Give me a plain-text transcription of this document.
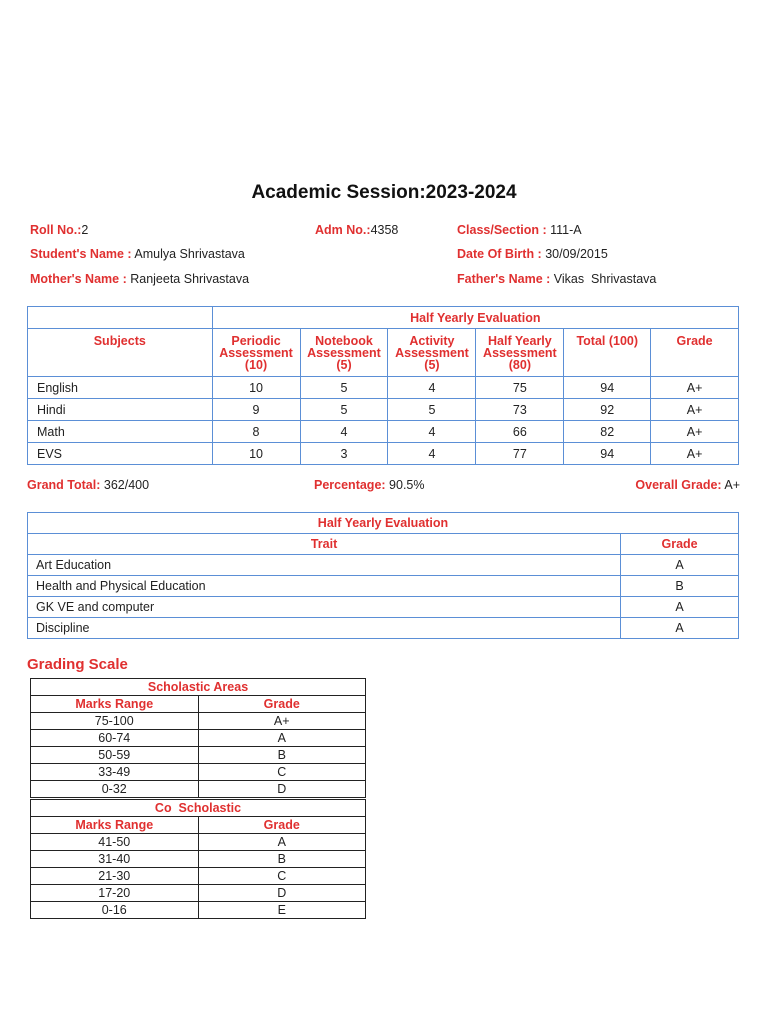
Academic Session:2023-2024
Roll No.:2	Adm No.:4358	Class/Section : 111-A
Student's Name : Amulya Shrivastava	Date Of Birth : 30/09/2015
Mother's Name : Ranjeeta Shrivastava	Father's Name : Vikas  Shrivastava
	Half Yearly Evaluation					
Subjects	Periodic Assessment (10)	Notebook Assessment (5)	Activity Assessment (5)	Half Yearly Assessment (80)	Total (100)	Grade
English	10	5	4	75	94	A+
Hindi	9	5	5	73	92	A+
Math	8	4	4	66	82	A+
EVS	10	3	4	77	94	A+
Grand Total: 362/400	Percentage: 90.5%	Overall Grade: A+
Half Yearly Evaluation	
Trait	Grade
Art Education	A
Health and Physical Education	B
GK VE and computer	A
Discipline	A
Grading Scale
Scholastic Areas	
Marks Range	Grade
75-100	A+
60-74	A
50-59	B
33-49	C
0-32	D

Co  Scholastic	
Marks Range	Grade
41-50	A
31-40	B
21-30	C
17-20	D
0-16	E
